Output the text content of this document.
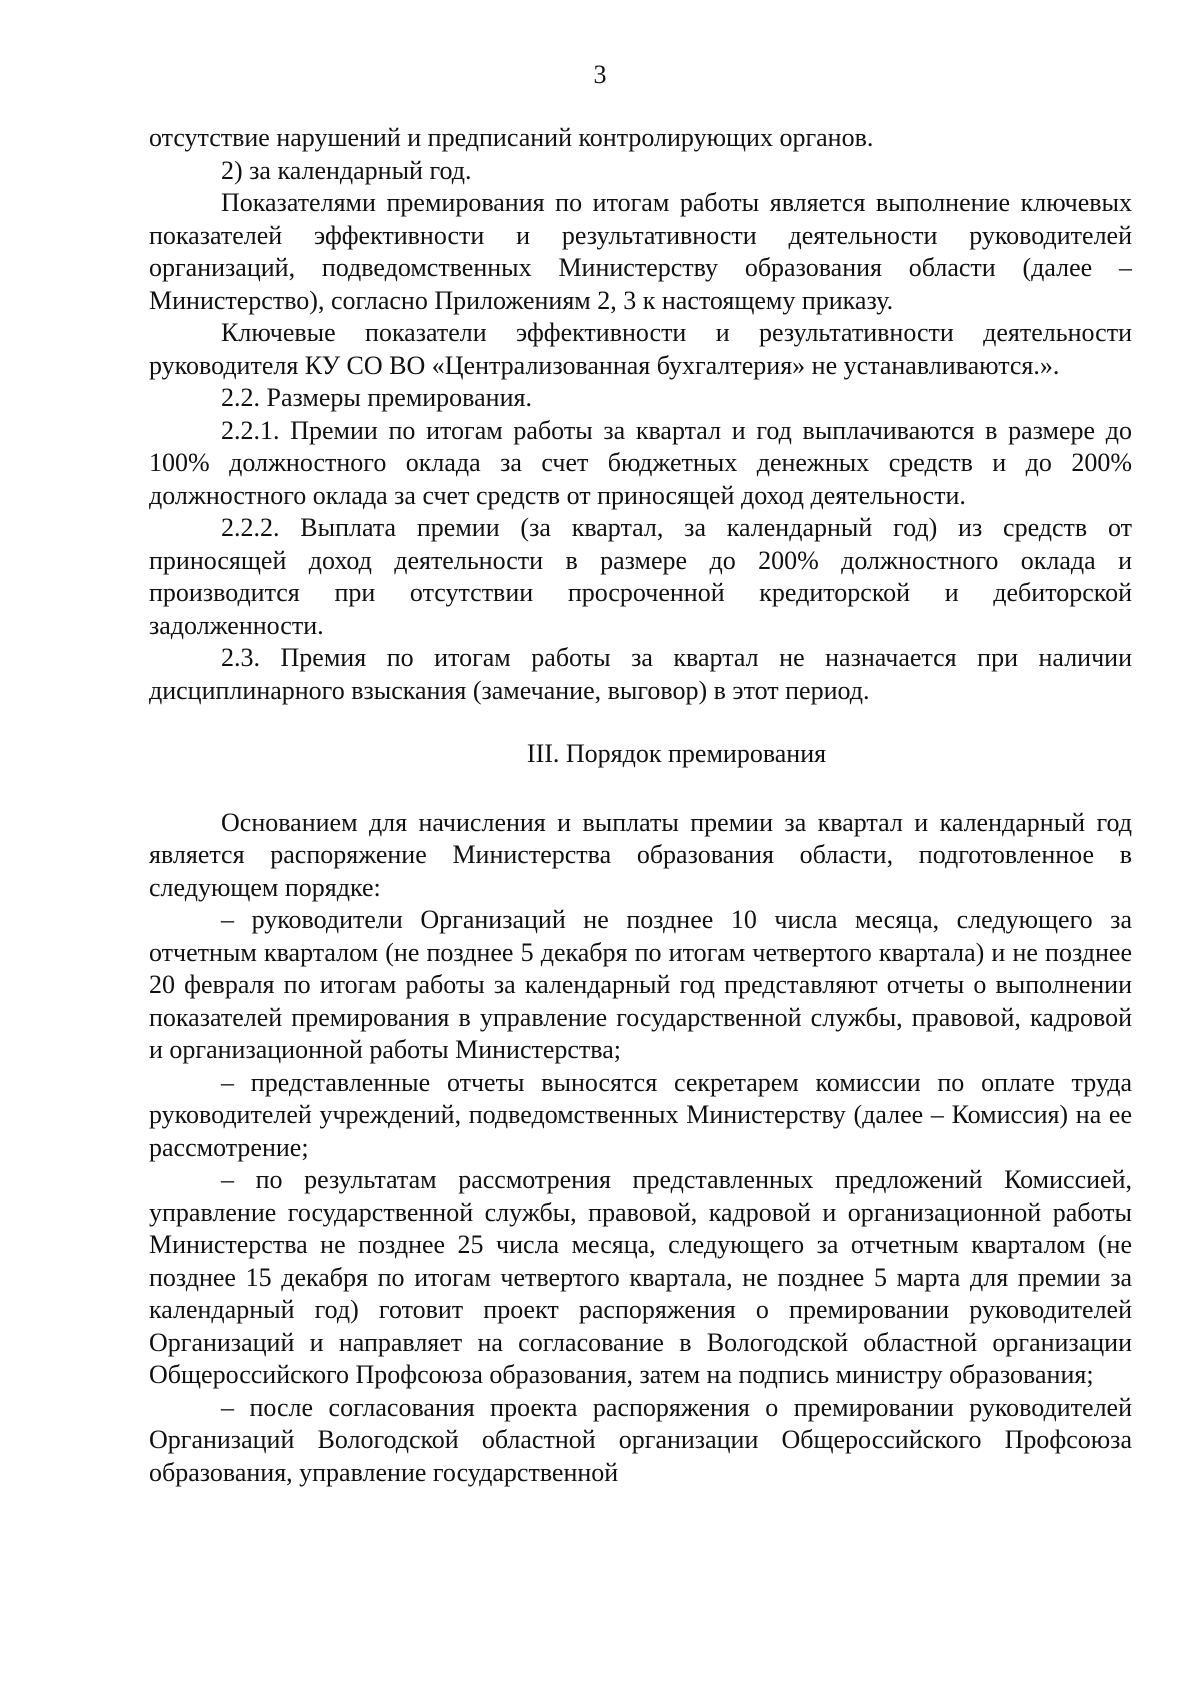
3

отсутствие нарушений и предписаний контролирующих органов.

2) за календарный год.

Показателями премирования по итогам работы является выполнение ключевых показателей эффективности и результативности деятельности руководителей организаций, подведомственных Министерству образования области (далее – Министерство), согласно Приложениям 2, 3 к настоящему приказу.

Ключевые показатели эффективности и результативности деятельности руководителя КУ СО ВО «Централизованная бухгалтерия» не устанавливаются.».

2.2. Размеры премирования.

2.2.1. Премии по итогам работы за квартал и год выплачиваются в размере до 100% должностного оклада за счет бюджетных денежных средств и до 200% должностного оклада за счет средств от приносящей доход деятельности.

2.2.2. Выплата премии (за квартал, за календарный год) из средств от приносящей доход деятельности в размере до 200% должностного оклада и производится при отсутствии просроченной кредиторской и дебиторской задолженности.

2.3. Премия по итогам работы за квартал не назначается при наличии дисциплинарного взыскания (замечание, выговор) в этот период.

III. Порядок премирования

Основанием для начисления и выплаты премии за квартал и календарный год является распоряжение Министерства образования области, подготовленное в следующем порядке:

– руководители Организаций не позднее 10 числа месяца, следующего за отчетным кварталом (не позднее 5 декабря по итогам четвертого квартала) и не позднее 20 февраля по итогам работы за календарный год представляют отчеты о выполнении показателей премирования в управление государственной службы, правовой, кадровой и организационной работы Министерства;

– представленные отчеты выносятся секретарем комиссии по оплате труда руководителей учреждений, подведомственных Министерству (далее – Комиссия) на ее рассмотрение;

– по результатам рассмотрения представленных предложений Комиссией, управление государственной службы, правовой, кадровой и организационной работы Министерства не позднее 25 числа месяца, следующего за отчетным кварталом (не позднее 15 декабря по итогам четвертого квартала, не позднее 5 марта для премии за календарный год) готовит проект распоряжения о премировании руководителей Организаций и направляет на согласование в Вологодской областной организации Общероссийского Профсоюза образования, затем на подпись министру образования;

– после согласования проекта распоряжения о премировании руководителей Организаций Вологодской областной организации Общероссийского Профсоюза образования, управление государственной
